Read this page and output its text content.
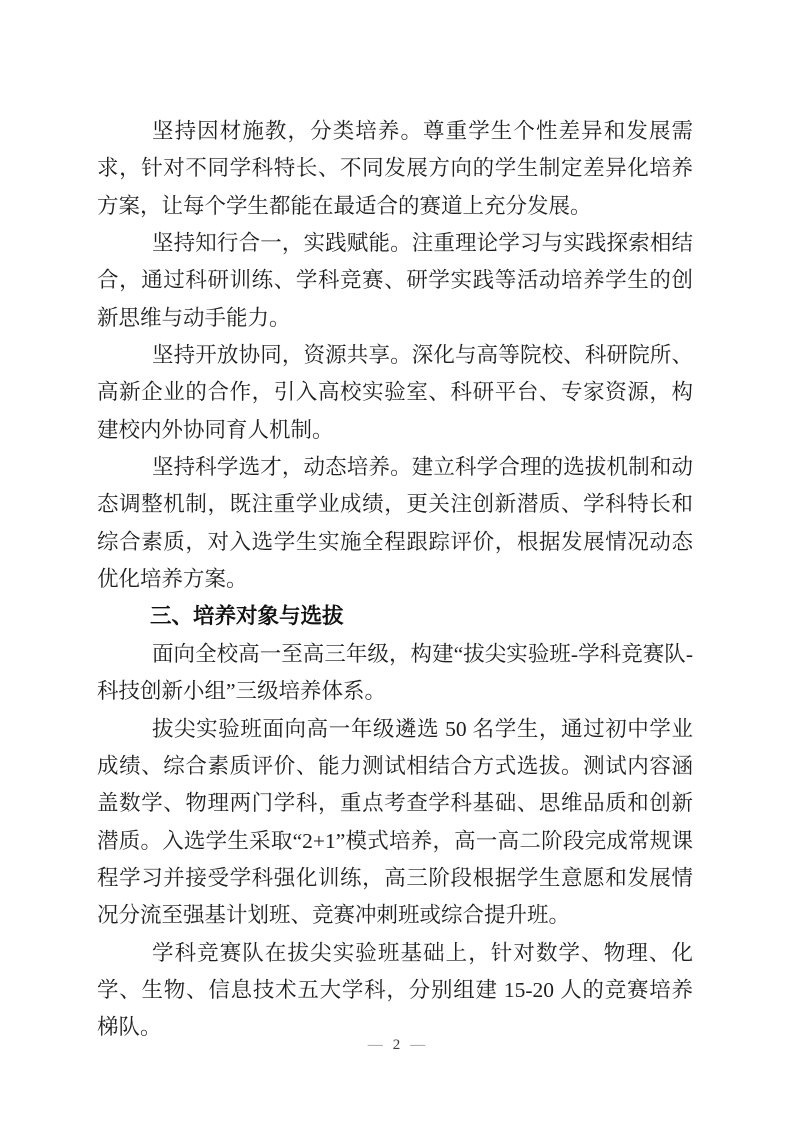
坚持因材施教，分类培养。尊重学生个性差异和发展需求，针对不同学科特长、不同发展方向的学生制定差异化培养方案，让每个学生都能在最适合的赛道上充分发展。

坚持知行合一，实践赋能。注重理论学习与实践探索相结合，通过科研训练、学科竞赛、研学实践等活动培养学生的创新思维与动手能力。

坚持开放协同，资源共享。深化与高等院校、科研院所、高新企业的合作，引入高校实验室、科研平台、专家资源，构建校内外协同育人机制。

坚持科学选才，动态培养。建立科学合理的选拔机制和动态调整机制，既注重学业成绩，更关注创新潜质、学科特长和综合素质，对入选学生实施全程跟踪评价，根据发展情况动态优化培养方案。

三、培养对象与选拔

面向全校高一至高三年级，构建“拔尖实验班-学科竞赛队-科技创新小组”三级培养体系。

拔尖实验班面向高一年级遴选 50 名学生，通过初中学业成绩、综合素质评价、能力测试相结合方式选拔。测试内容涵盖数学、物理两门学科，重点考查学科基础、思维品质和创新潜质。入选学生采取“2+1”模式培养，高一高二阶段完成常规课程学习并接受学科强化训练，高三阶段根据学生意愿和发展情况分流至强基计划班、竞赛冲刺班或综合提升班。

学科竞赛队在拔尖实验班基础上，针对数学、物理、化学、生物、信息技术五大学科，分别组建 15-20 人的竞赛培养梯队。

— 2 —
